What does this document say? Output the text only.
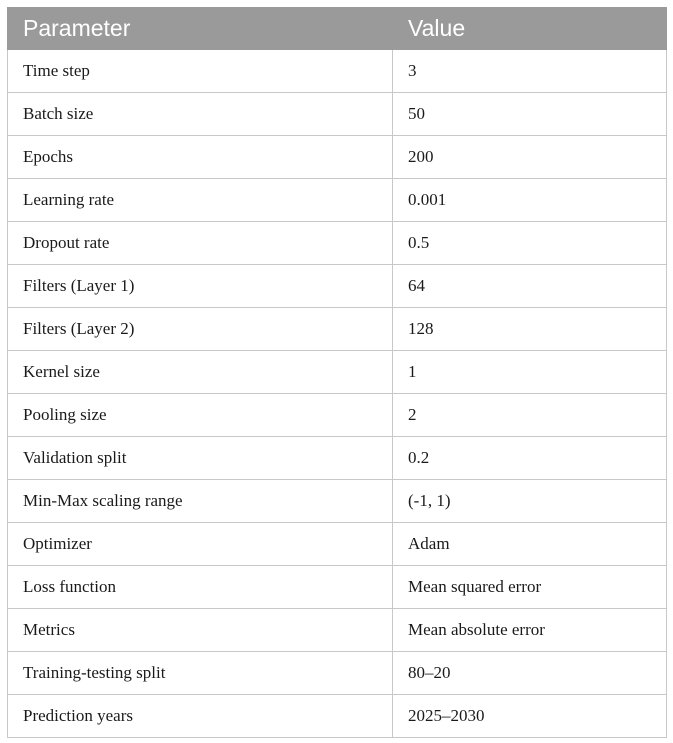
Parameter	Value
Time step	3
Batch size	50
Epochs	200
Learning rate	0.001
Dropout rate	0.5
Filters (Layer 1)	64
Filters (Layer 2)	128
Kernel size	1
Pooling size	2
Validation split	0.2
Min-Max scaling range	(-1, 1)
Optimizer	Adam
Loss function	Mean squared error
Metrics	Mean absolute error
Training-testing split	80–20
Prediction years	2025–2030
